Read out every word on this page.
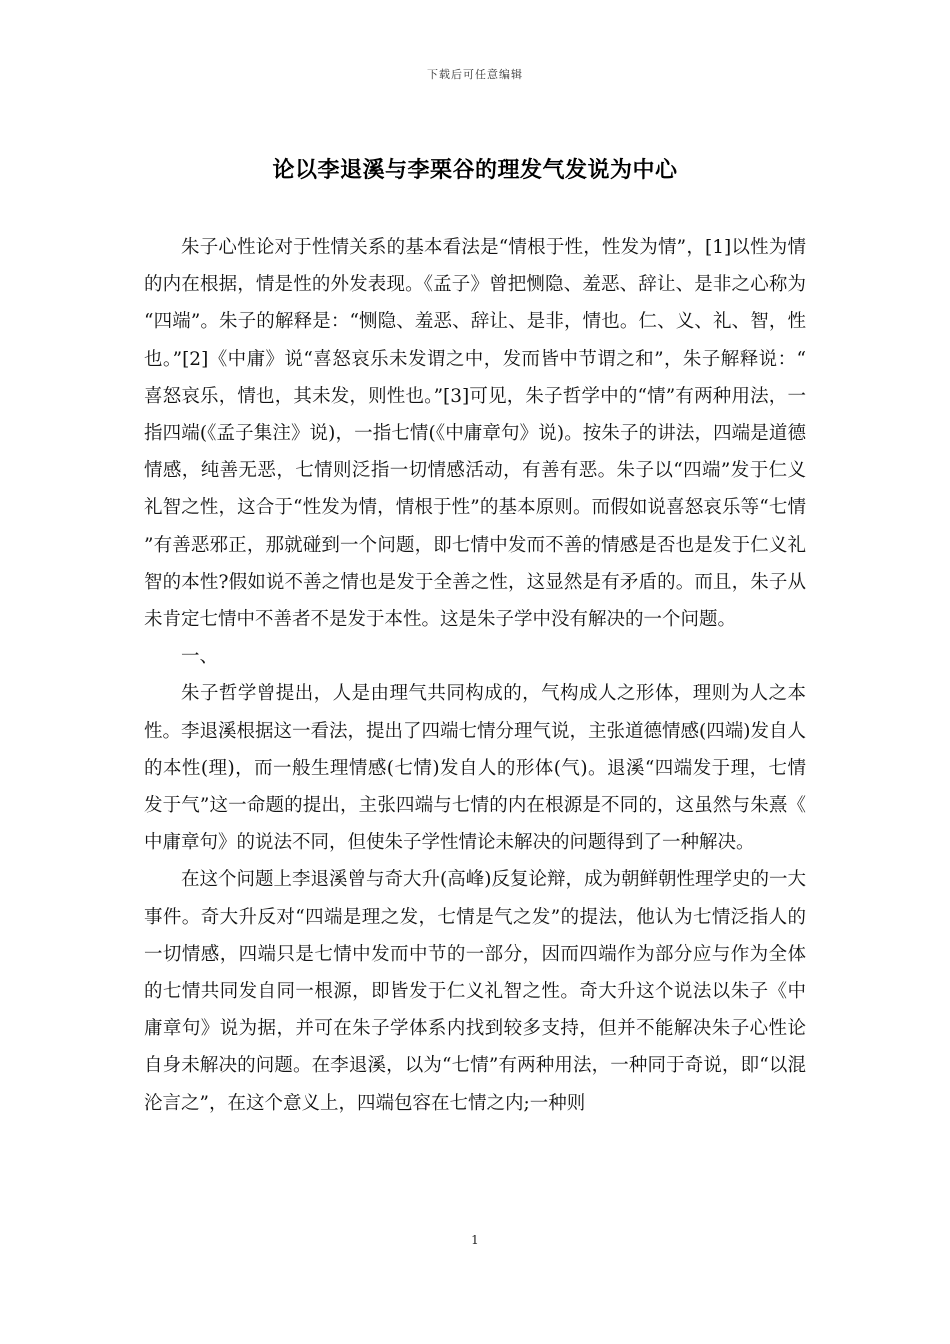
下载后可任意编辑
论以李退溪与李栗谷的理发气发说为中心

朱子心性论对于性情关系的基本看法是“情根于性，性发为情”，[1]以性为情的内在根据，情是性的外发表现。《孟子》曾把恻隐、羞恶、辞让、是非之心称为“四端”。朱子的解释是：“恻隐、羞恶、辞让、是非，情也。仁、义、礼、智，性也。”[2]《中庸》说“喜怒哀乐未发谓之中，发而皆中节谓之和”，朱子解释说：“喜怒哀乐，情也，其未发，则性也。”[3]可见，朱子哲学中的“情”有两种用法，一指四端(《孟子集注》说)，一指七情(《中庸章句》说)。按朱子的讲法，四端是道德情感，纯善无恶，七情则泛指一切情感活动，有善有恶。朱子以“四端”发于仁义礼智之性，这合于“性发为情，情根于性”的基本原则。而假如说喜怒哀乐等“七情”有善恶邪正，那就碰到一个问题，即七情中发而不善的情感是否也是发于仁义礼智的本性?假如说不善之情也是发于全善之性，这显然是有矛盾的。而且，朱子从未肯定七情中不善者不是发于本性。这是朱子学中没有解决的一个问题。

一、

朱子哲学曾提出，人是由理气共同构成的，气构成人之形体，理则为人之本性。李退溪根据这一看法，提出了四端七情分理气说，主张道德情感(四端)发自人的本性(理)，而一般生理情感(七情)发自人的形体(气)。退溪“四端发于理，七情发于气”这一命题的提出，主张四端与七情的内在根源是不同的，这虽然与朱熹《中庸章句》的说法不同，但使朱子学性情论未解决的问题得到了一种解决。

在这个问题上李退溪曾与奇大升(高峰)反复论辩，成为朝鲜朝性理学史的一大事件。奇大升反对“四端是理之发，七情是气之发”的提法，他认为七情泛指人的一切情感，四端只是七情中发而中节的一部分，因而四端作为部分应与作为全体的七情共同发自同一根源，即皆发于仁义礼智之性。奇大升这个说法以朱子《中庸章句》说为据，并可在朱子学体系内找到较多支持，但并不能解决朱子心性论自身未解决的问题。在李退溪，以为“七情”有两种用法，一种同于奇说，即“以混沦言之”，在这个意义上，四端包容在七情之内;一种则

1
